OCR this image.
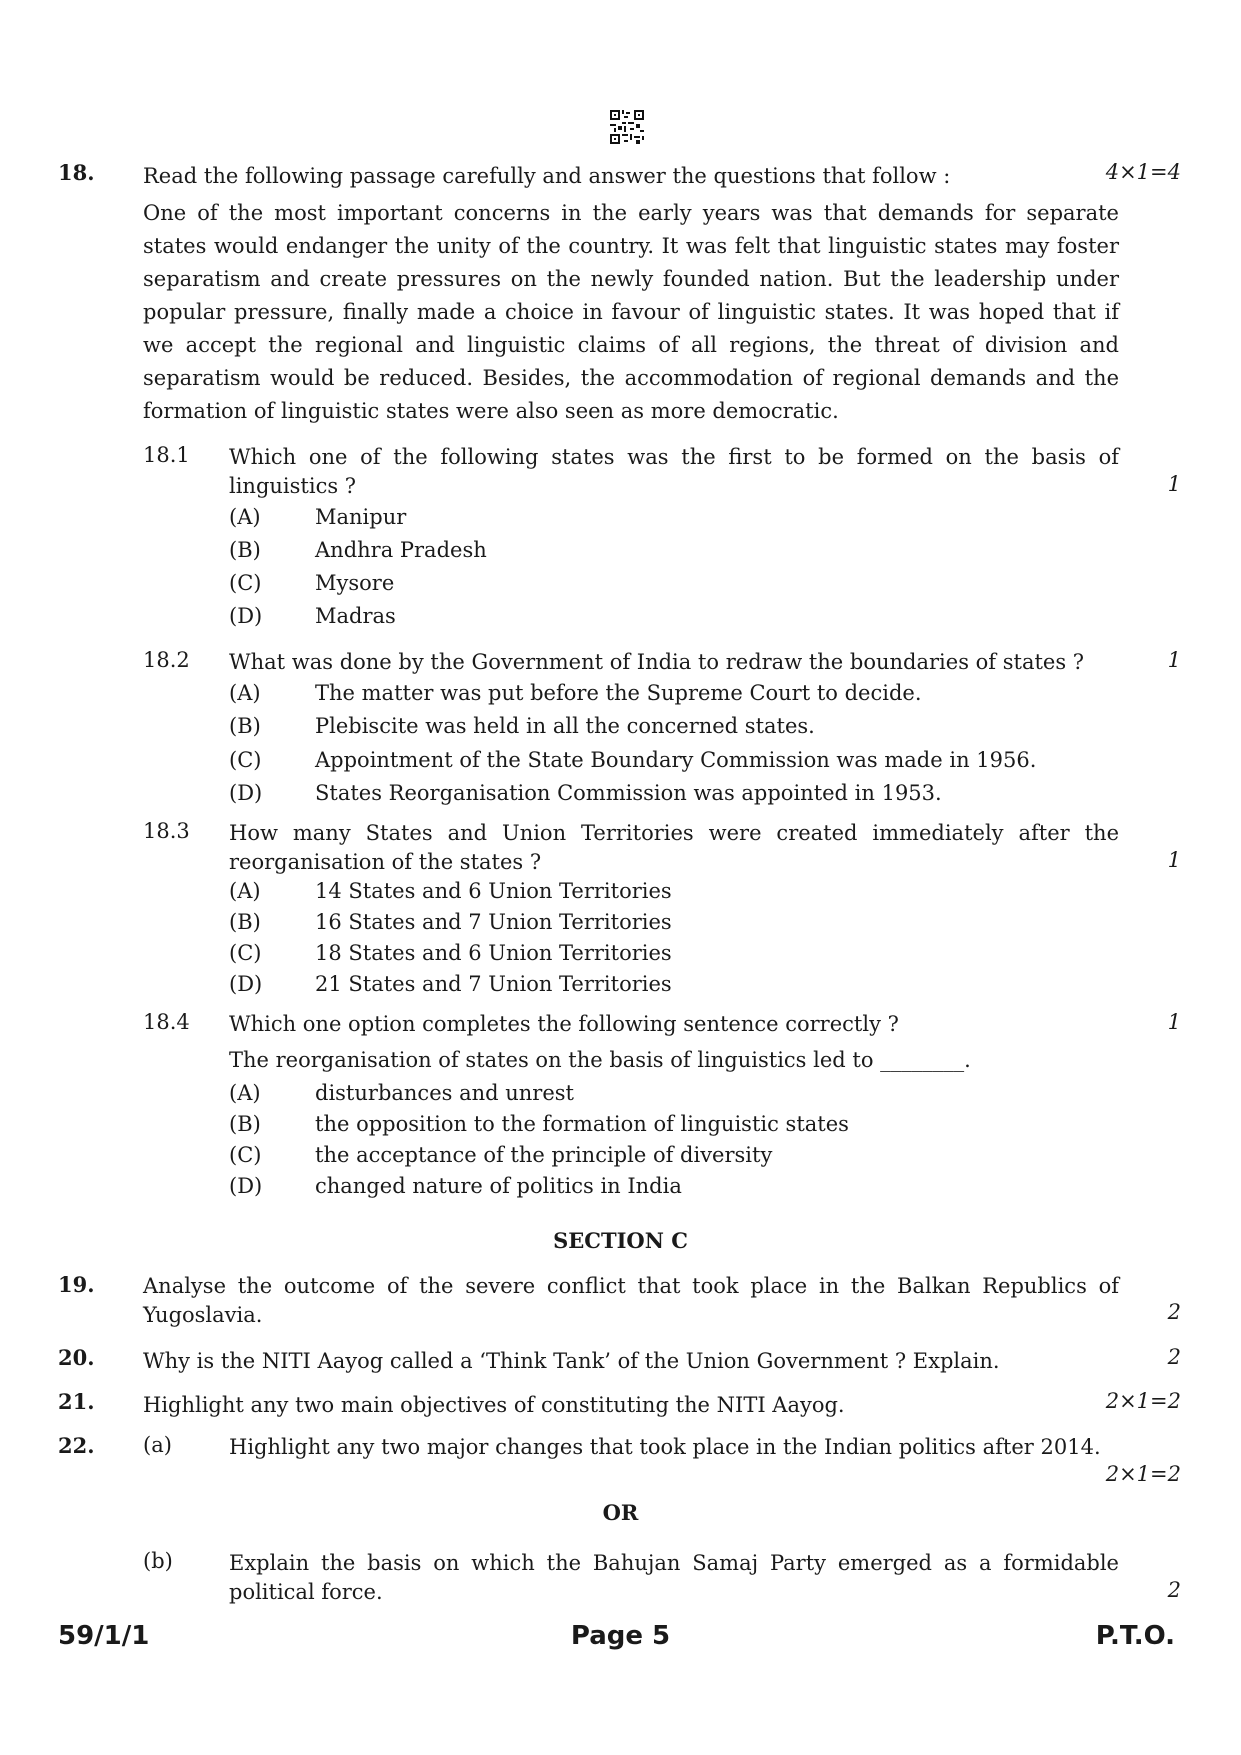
18. Read the following passage carefully and answer the questions that follow :	4×1=4
One of the most important concerns in the early years was that demands for separate states would endanger the unity of the country. It was felt that linguistic states may foster separatism and create pressures on the newly founded nation. But the leadership under popular pressure, finally made a choice in favour of linguistic states. It was hoped that if we accept the regional and linguistic claims of all regions, the threat of division and separatism would be reduced. Besides, the accommodation of regional demands and the formation of linguistic states were also seen as more democratic.
18.1 Which one of the following states was the first to be formed on the basis of linguistics ?	1
(A)	Manipur
(B)	Andhra Pradesh
(C)	Mysore
(D)	Madras
18.2 What was done by the Government of India to redraw the boundaries of states ?	1
(A)	The matter was put before the Supreme Court to decide.
(B)	Plebiscite was held in all the concerned states.
(C)	Appointment of the State Boundary Commission was made in 1956.
(D)	States Reorganisation Commission was appointed in 1953.
18.3 How many States and Union Territories were created immediately after the reorganisation of the states ?	1
(A)	14 States and 6 Union Territories
(B)	16 States and 7 Union Territories
(C)	18 States and 6 Union Territories
(D)	21 States and 7 Union Territories
18.4 Which one option completes the following sentence correctly ?	1
The reorganisation of states on the basis of linguistics led to ________.
(A)	disturbances and unrest
(B)	the opposition to the formation of linguistic states
(C)	the acceptance of the principle of diversity
(D)	changed nature of politics in India
SECTION C
19. Analyse the outcome of the severe conflict that took place in the Balkan Republics of Yugoslavia.	2
20. Why is the NITI Aayog called a ‘Think Tank’ of the Union Government ? Explain.	2
21. Highlight any two main objectives of constituting the NITI Aayog.	2×1=2
22. (a)	Highlight any two major changes that took place in the Indian politics after 2014.
2×1=2
OR
(b)	Explain the basis on which the Bahujan Samaj Party emerged as a formidable political force.	2
59/1/1	Page 5	P.T.O.
